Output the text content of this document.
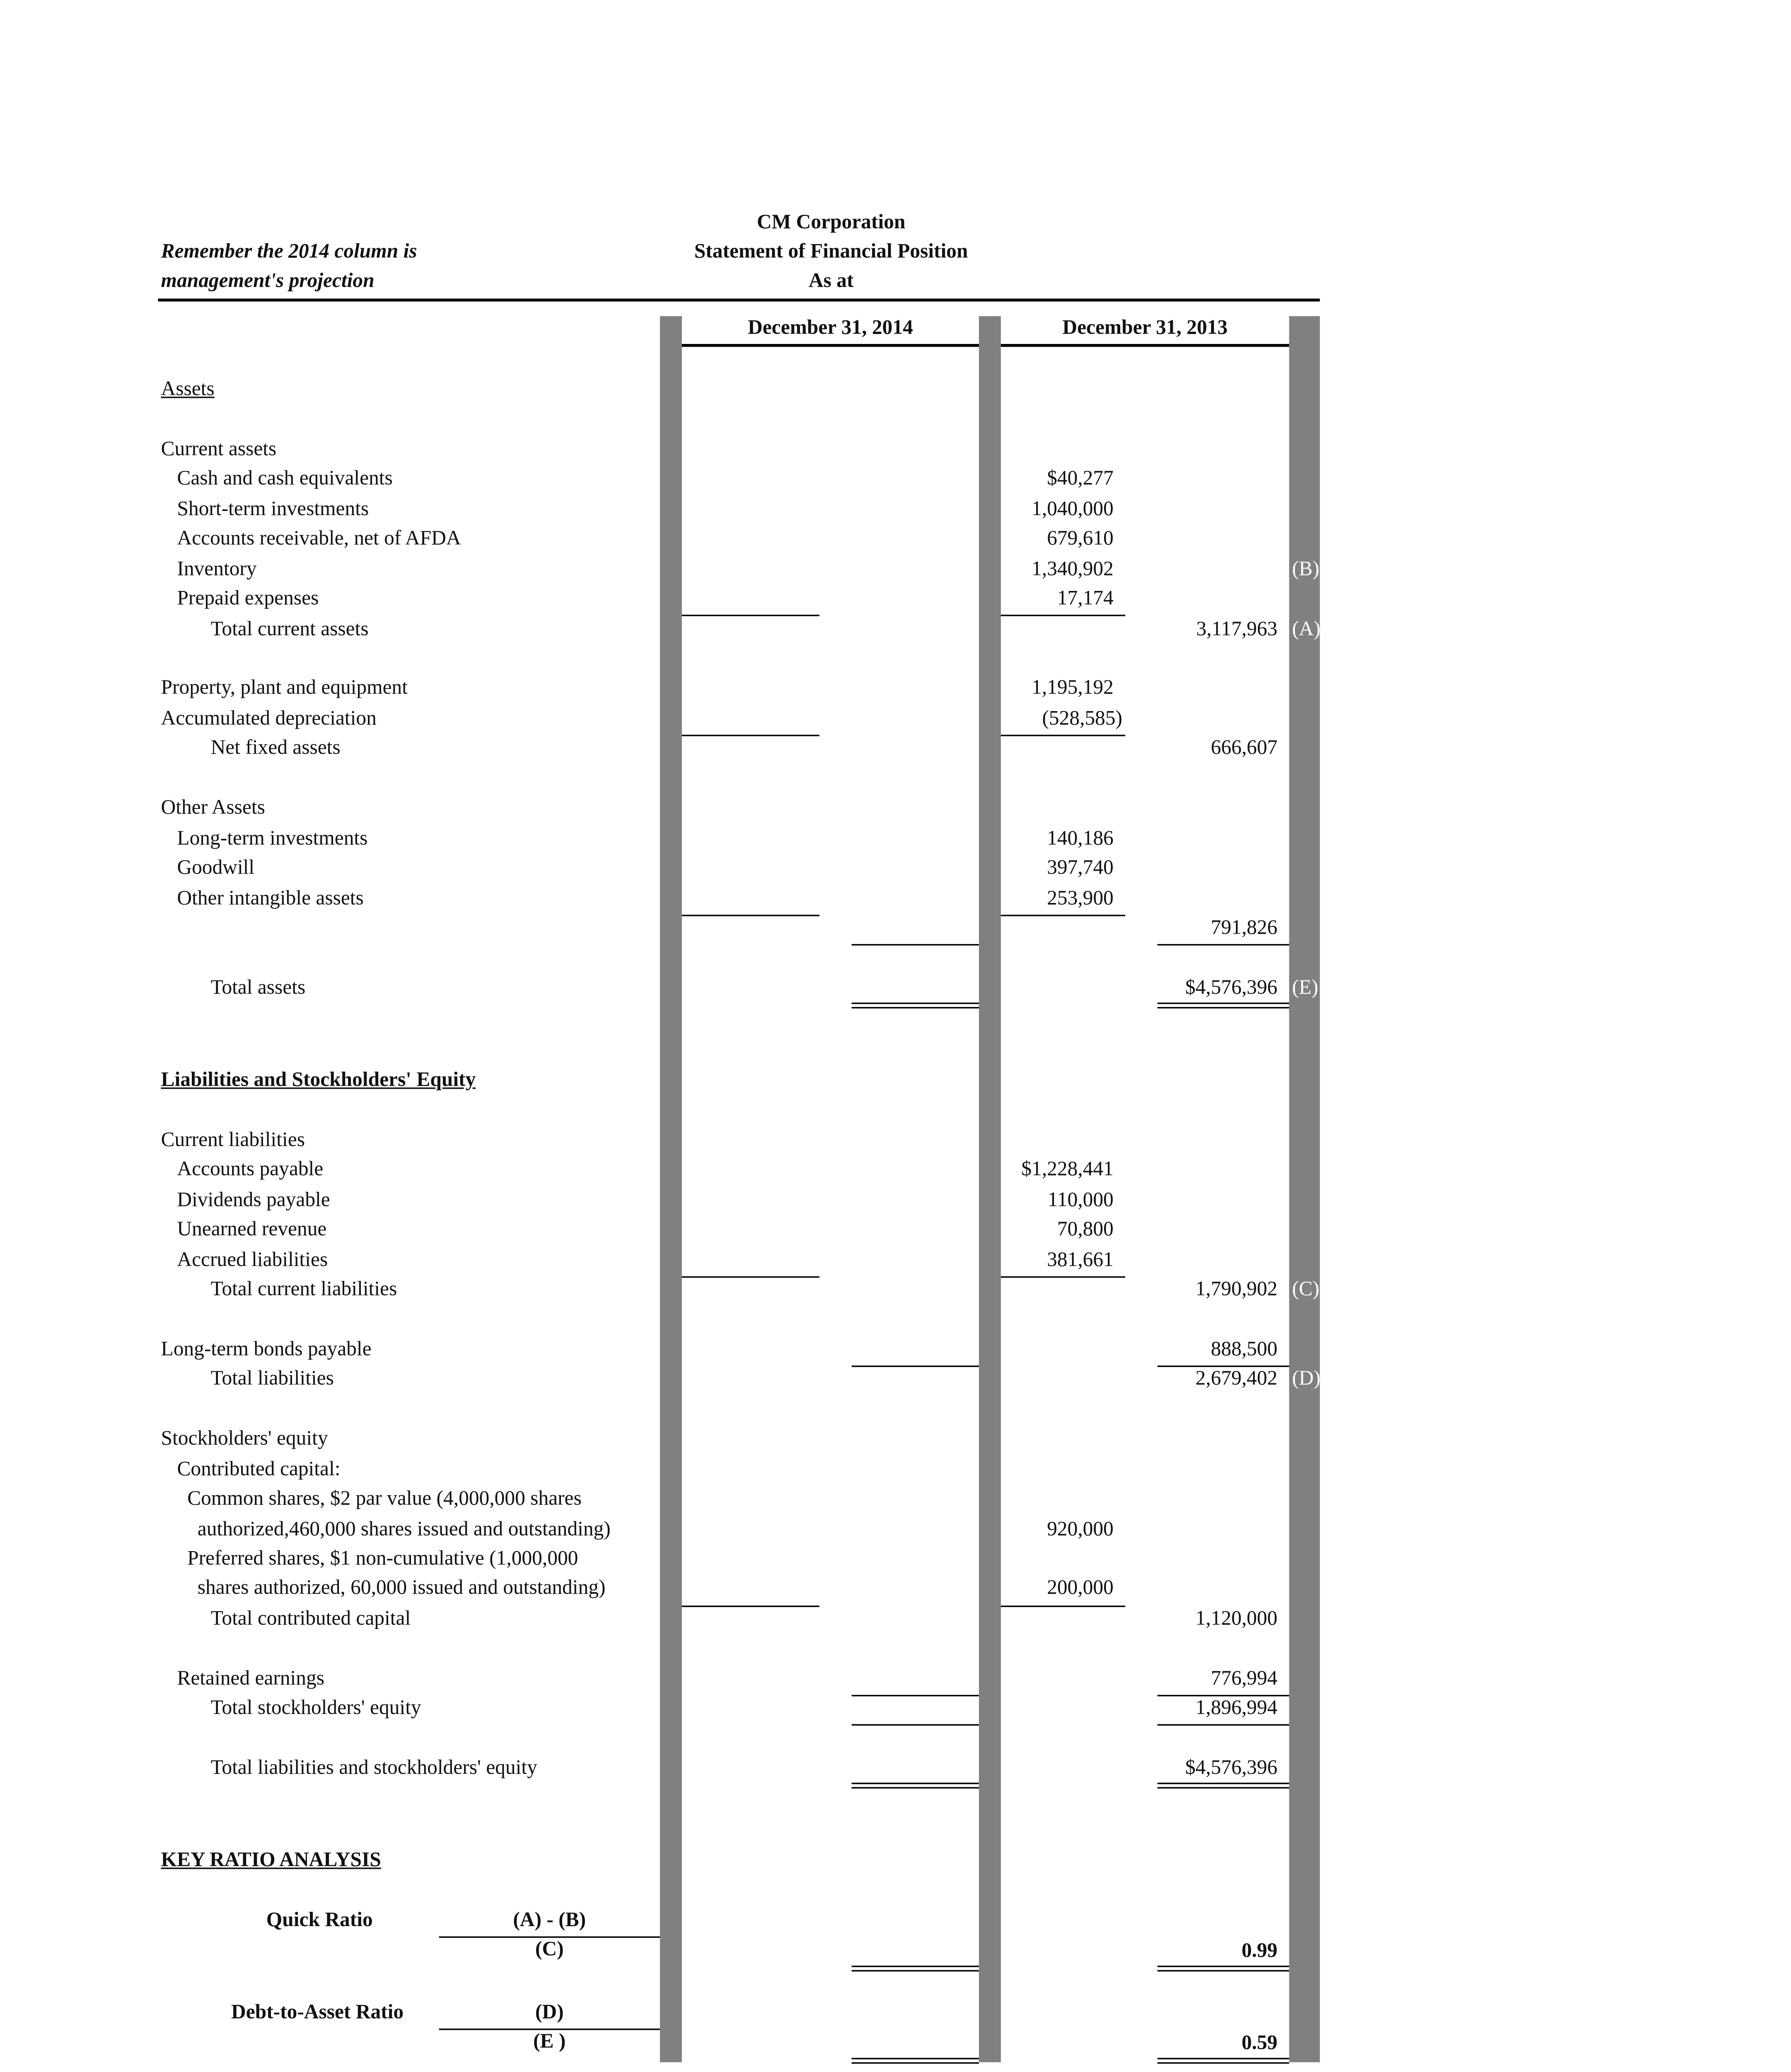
CM Corporation
Statement of Financial Position
As at
Remember the 2014 column is
management's projection
December 31, 2014	December 31, 2013
Assets
Current assets
Cash and cash equivalents	$40,277
Short-term investments	1,040,000
Accounts receivable, net of AFDA	679,610
Inventory	1,340,902	(B)
Prepaid expenses	17,174
Total current assets	3,117,963	(A)
Property, plant and equipment	1,195,192
Accumulated depreciation	(528,585)
Net fixed assets	666,607
Other Assets
Long-term investments	140,186
Goodwill	397,740
Other intangible assets	253,900
791,826
Total assets	$4,576,396	(E)
Liabilities and Stockholders' Equity
Current liabilities
Accounts payable	$1,228,441
Dividends payable	110,000
Unearned revenue	70,800
Accrued liabilities	381,661
Total current liabilities	1,790,902	(C)
Long-term bonds payable	888,500
Total liabilities	2,679,402	(D)
Stockholders' equity
Contributed capital:
Common shares, $2 par value (4,000,000 shares
authorized,460,000 shares issued and outstanding)	920,000
Preferred shares, $1 non-cumulative (1,000,000
shares authorized, 60,000 issued and outstanding)	200,000
Total contributed capital	1,120,000
Retained earnings	776,994
Total stockholders' equity	1,896,994
Total liabilities and stockholders' equity	$4,576,396
KEY RATIO ANALYSIS
Quick Ratio	(A) - (B)
(C)	0.99
Debt-to-Asset Ratio	(D)
(E )	0.59
